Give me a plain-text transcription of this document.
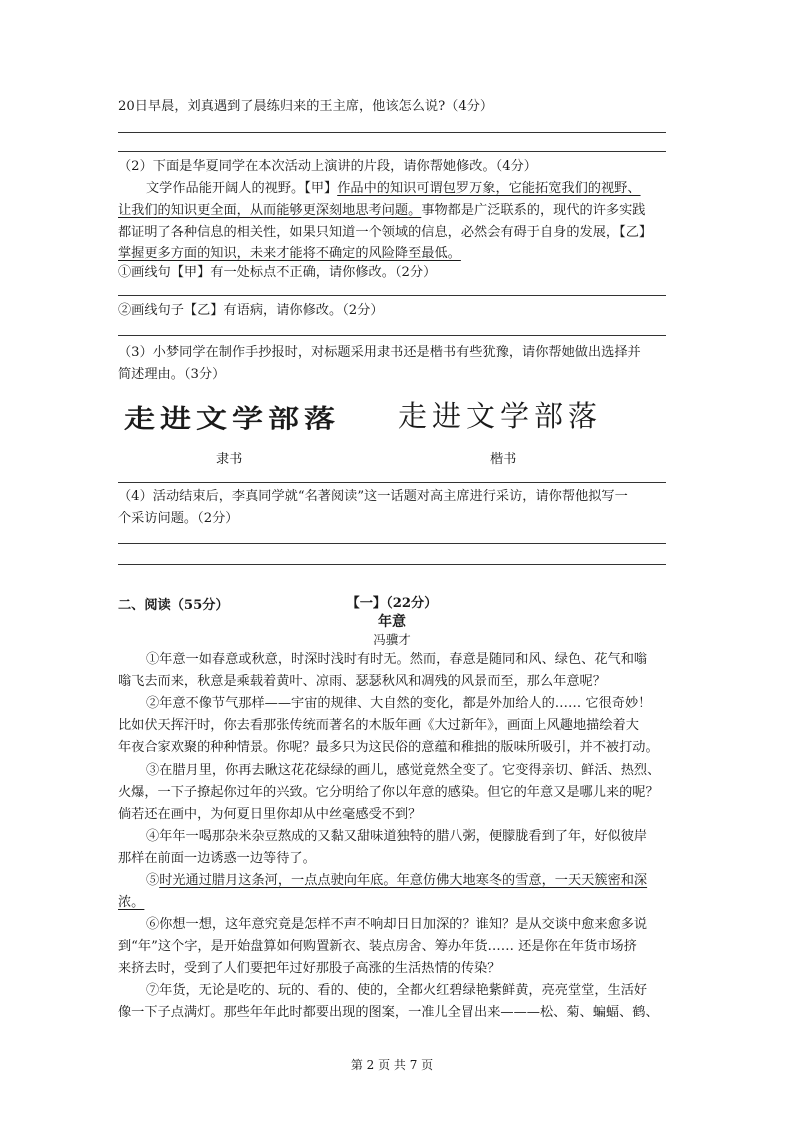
20日早晨，刘真遇到了晨练归来的王主席，他该怎么说?（4分）
（2）下面是华夏同学在本次活动上演讲的片段，请你帮她修改。（4分）
文学作品能开阔人的视野。【甲】作品中的知识可谓包罗万象，它能拓宽我们的视野、
让我们的知识更全面，从而能够更深刻地思考问题。事物都是广泛联系的，现代的许多实践
都证明了各种信息的相关性，如果只知道一个领域的信息，必然会有碍于自身的发展，【乙】
掌握更多方面的知识，未来才能将不确定的风险降至最低。
①画线句【甲】有一处标点不正确，请你修改。（2分）
②画线句子【乙】有语病，请你修改。（2分）
（3）小梦同学在制作手抄报时，对标题采用隶书还是楷书有些犹豫，请你帮她做出选择并
简述理由。（3分）
走进文学部落 走进文学部落
隶书	楷书
（4）活动结束后，李真同学就“名著阅读”这一话题对高主席进行采访，请你帮他拟写一
个采访问题。（2分）
二、阅读（55分）	【一】（22分）
年意
冯骥才
①年意一如春意或秋意，时深时浅时有时无。然而，春意是随同和风、绿色、花气和嗡
嗡飞去而来，秋意是乘载着黄叶、凉雨、瑟瑟秋风和凋残的风景而至，那么年意呢？
②年意不像节气那样——宇宙的规律、大自然的变化，都是外加给人的…… 它很奇妙！
比如伏天挥汗时，你去看那张传统而著名的木版年画《大过新年》，画面上风趣地描绘着大
年夜合家欢聚的种种情景。你呢？最多只为这民俗的意蕴和稚拙的版味所吸引，并不被打动。
③在腊月里，你再去瞅这花花绿绿的画儿，感觉竟然全变了。它变得亲切、鲜活、热烈、
火爆，一下子撩起你过年的兴致。它分明给了你以年意的感染。但它的年意又是哪儿来的呢？
倘若还在画中，为何夏日里你却从中丝毫感受不到？
④年年一喝那杂米杂豆熬成的又黏又甜味道独特的腊八粥，便朦胧看到了年，好似彼岸
那样在前面一边诱惑一边等待了。
⑤时光通过腊月这条河，一点点驶向年底。年意仿佛大地寒冬的雪意，一天天簇密和深
浓。
⑥你想一想，这年意究竟是怎样不声不响却日日加深的？谁知？是从交谈中愈来愈多说
到“年”这个字，是开始盘算如何购置新衣、装点房舍、筹办年货…… 还是你在年货市场挤
来挤去时，受到了人们要把年过好那股子高涨的生活热情的传染？
⑦年货，无论是吃的、玩的、看的、使的，全都火红碧绿艳紫鲜黄，亮亮堂堂，生活好
像一下子点满灯。那些年年此时都要出现的图案，一准儿全冒出来———松、菊、蝙蝠、鹤、
第 2 页 共 7 页
